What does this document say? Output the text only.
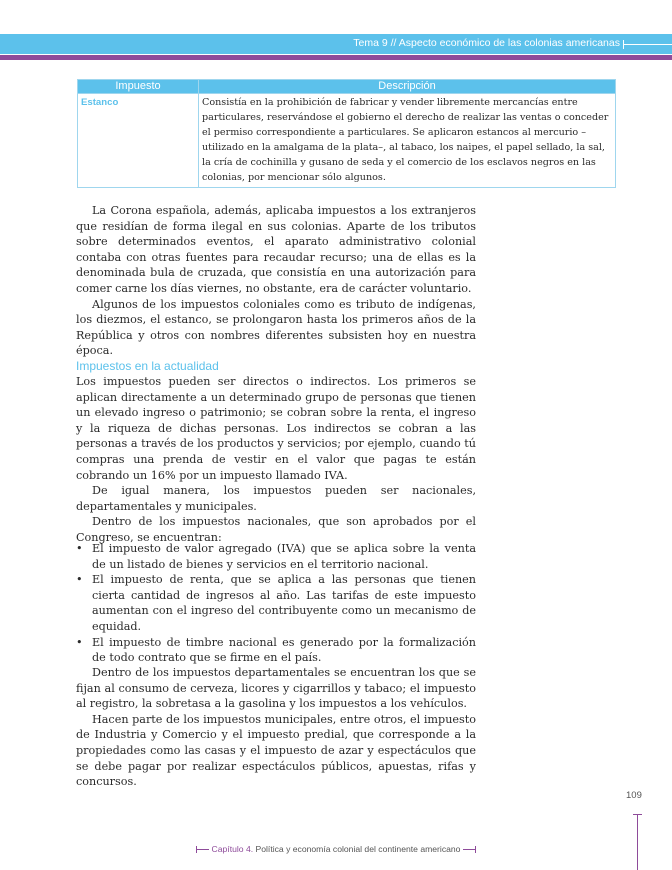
Tema 9 // Aspecto económico de las colonias americanas
Impuesto	Descripción
Estanco	Consistía en la prohibición de fabricar y vender libremente mercancías entre particulares, reservándose el gobierno el derecho de realizar las ventas o conceder el permiso correspondiente a particulares. Se aplicaron estancos al mercurio –utilizado en la amalgama de la plata–, al tabaco, los naipes, el papel sellado, la sal, la cría de cochinilla y gusano de seda y el comercio de los esclavos negros en las colonias, por mencionar sólo algunos.

La Corona española, además, aplicaba impuestos a los extranjeros que residían de forma ilegal en sus colonias. Aparte de los tributos sobre determinados eventos, el aparato administrativo colonial contaba con otras fuentes para recaudar recurso; una de ellas es la denominada bula de cruzada, que consistía en una autorización para comer carne los días viernes, no obstante, era de carácter voluntario.

Algunos de los impuestos coloniales como es tributo de indígenas, los diezmos, el estanco, se prolongaron hasta los primeros años de la República y otros con nombres diferentes subsisten hoy en nuestra época.

Impuestos en la actualidad

Los impuestos pueden ser directos o indirectos. Los primeros se aplican directamente a un determinado grupo de personas que tienen un elevado ingreso o patrimonio; se cobran sobre la renta, el ingreso y la riqueza de dichas personas. Los indirectos se cobran a las personas a través de los productos y servicios; por ejemplo, cuando tú compras una prenda de vestir en el valor que pagas te están cobrando un 16% por un impuesto llamado IVA.

De igual manera, los impuestos pueden ser nacionales, departamentales y municipales.

Dentro de los impuestos nacionales, que son aprobados por el Congreso, se encuentran:

• El impuesto de valor agregado (IVA) que se aplica sobre la venta de un listado de bienes y servicios en el territorio nacional.
• El impuesto de renta, que se aplica a las personas que tienen cierta cantidad de ingresos al año. Las tarifas de este impuesto aumentan con el ingreso del contribuyente como un mecanismo de equidad.
• El impuesto de timbre nacional es generado por la formalización de todo contrato que se firme en el país.

Dentro de los impuestos departamentales se encuentran los que se fijan al consumo de cerveza, licores y cigarrillos y tabaco; el impuesto al registro, la sobretasa a la gasolina y los impuestos a los vehículos.

Hacen parte de los impuestos municipales, entre otros, el impuesto de Industria y Comercio y el impuesto predial, que corresponde a la propiedades como las casas y el impuesto de azar y espectáculos que se debe pagar por realizar espectáculos públicos, apuestas, rifas y concursos.

109
Capítulo 4. Política y economía colonial del continente americano
